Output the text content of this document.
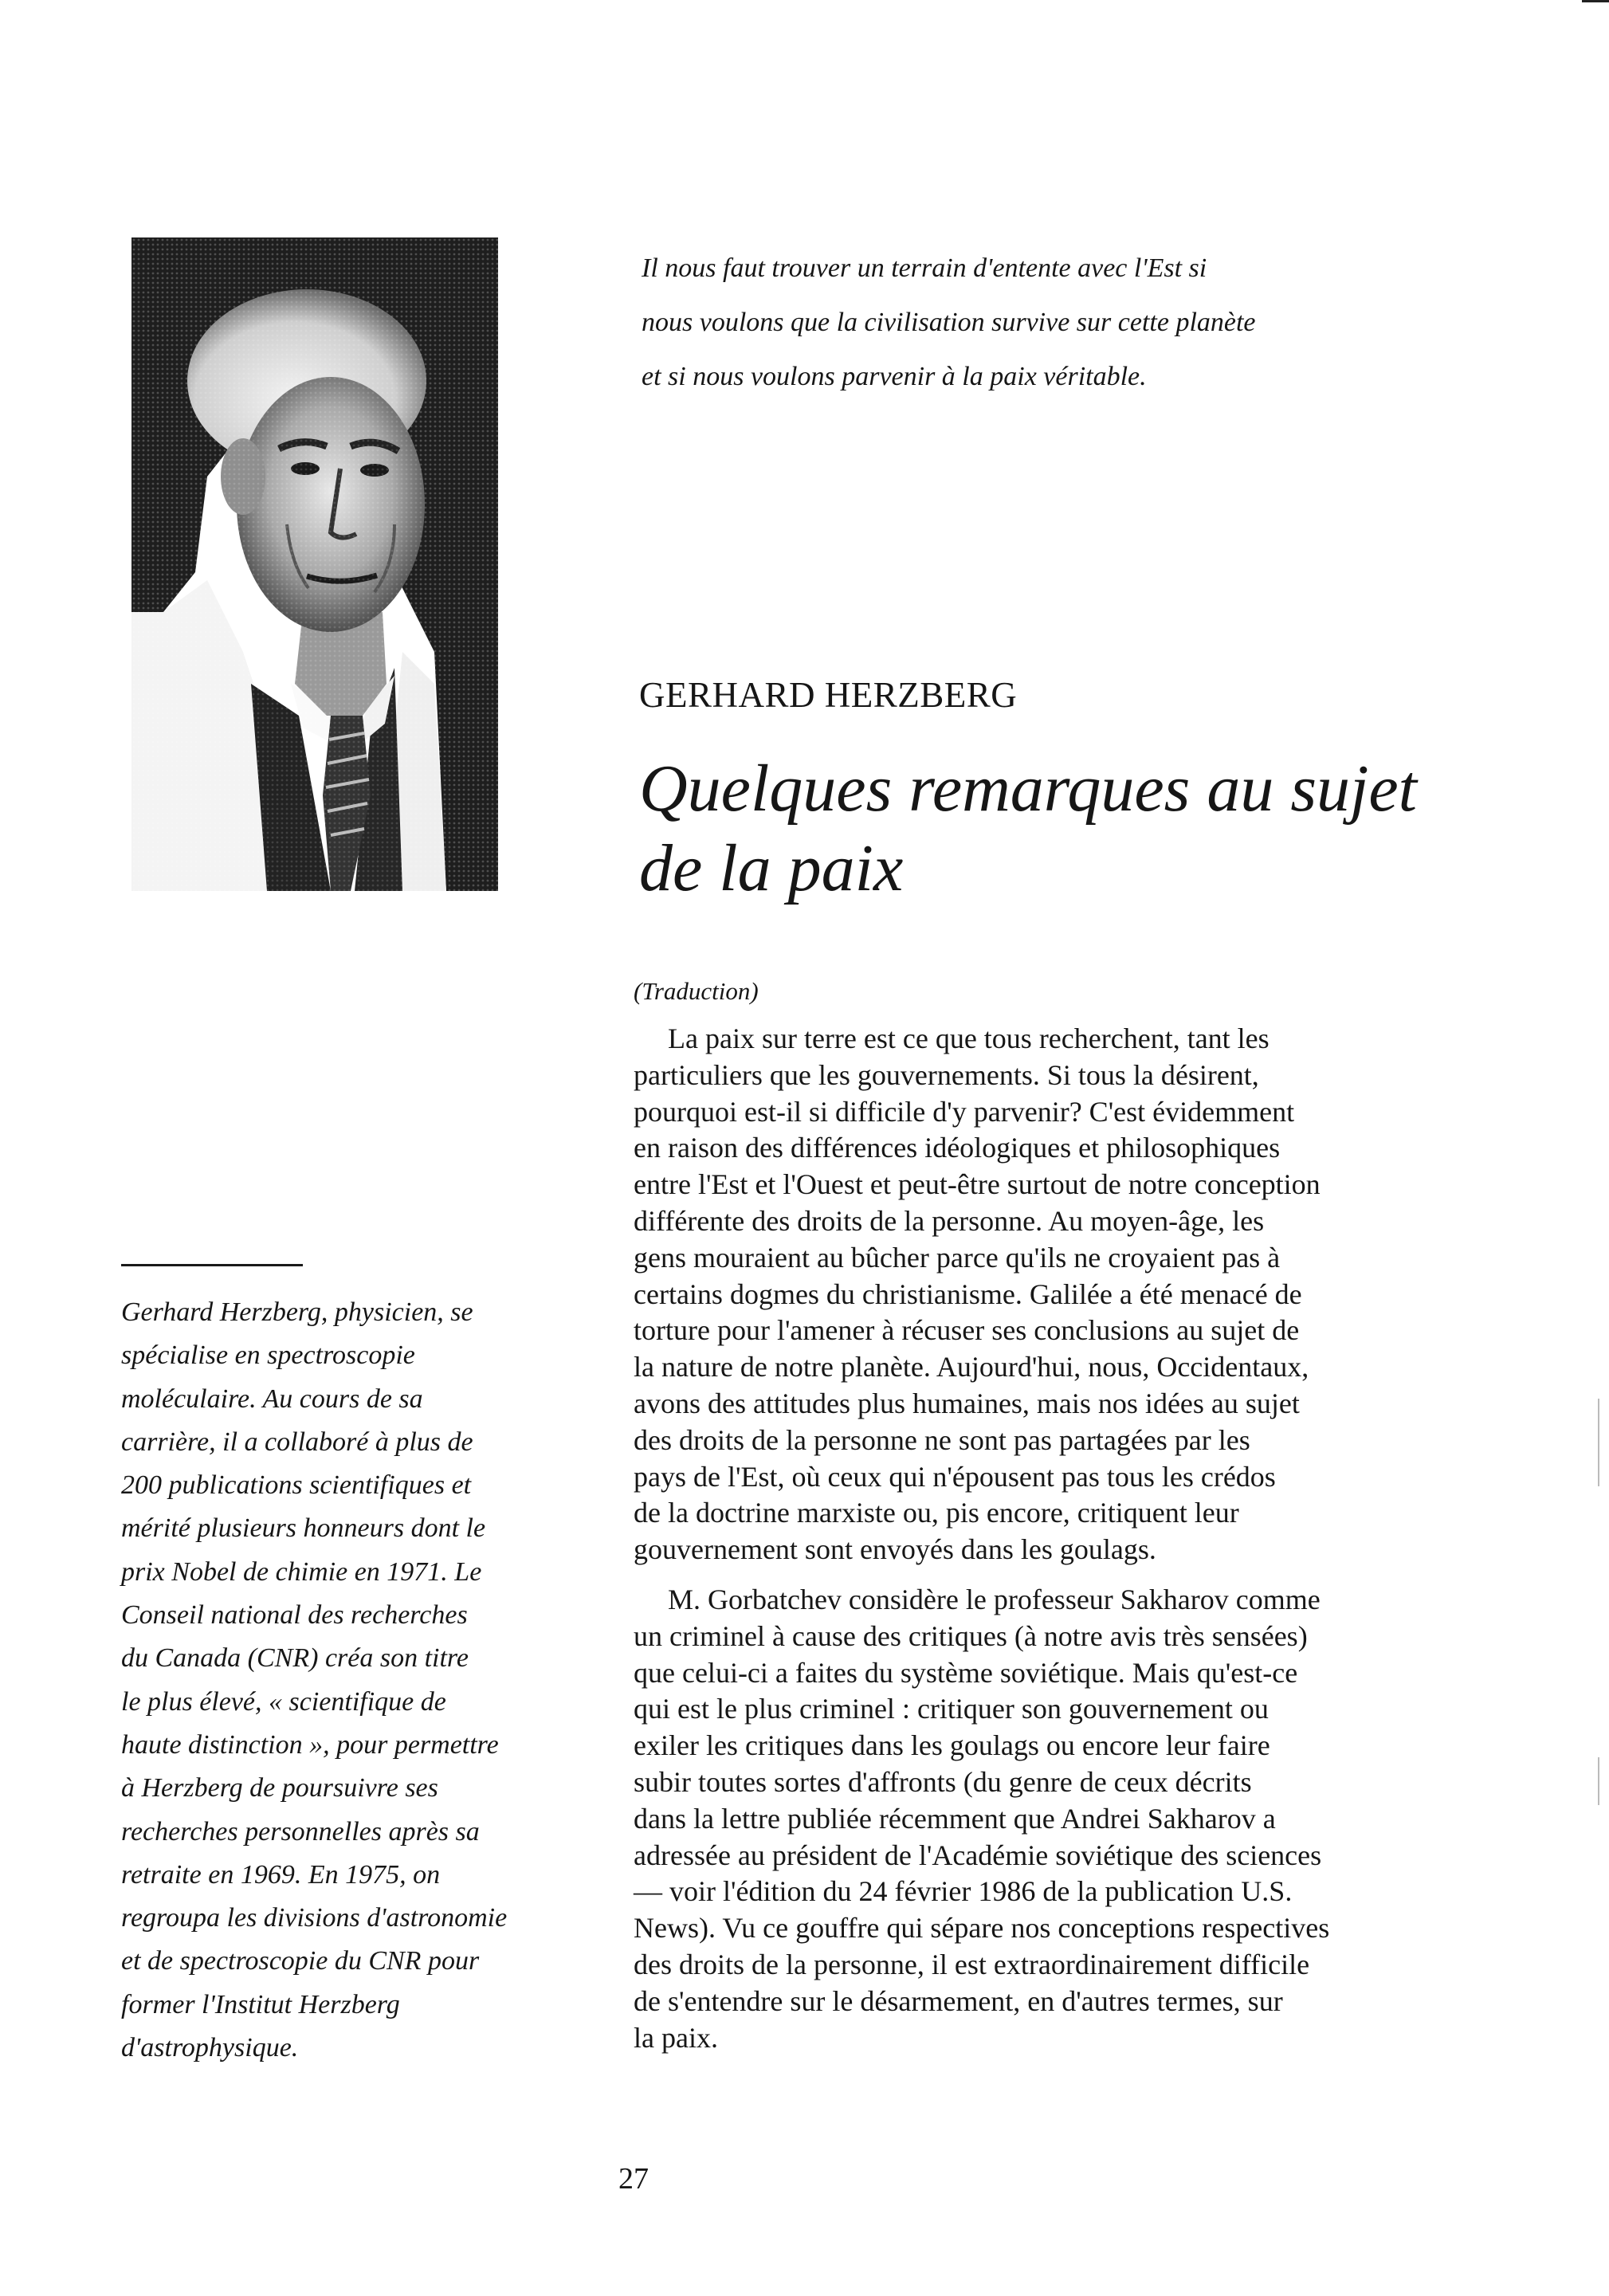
Il nous faut trouver un terrain d'entente avec l'Est si
nous voulons que la civilisation survive sur cette planète
et si nous voulons parvenir à la paix véritable.

GERHARD HERZBERG
Quelques remarques au sujet
de la paix

(Traduction)

La paix sur terre est ce que tous recherchent, tant les
particuliers que les gouvernements. Si tous la désirent,
pourquoi est-il si difficile d'y parvenir? C'est évidemment
en raison des différences idéologiques et philosophiques
entre l'Est et l'Ouest et peut-être surtout de notre conception
différente des droits de la personne. Au moyen-âge, les
gens mouraient au bûcher parce qu'ils ne croyaient pas à
certains dogmes du christianisme. Galilée a été menacé de
torture pour l'amener à récuser ses conclusions au sujet de
la nature de notre planète. Aujourd'hui, nous, Occidentaux,
avons des attitudes plus humaines, mais nos idées au sujet
des droits de la personne ne sont pas partagées par les
pays de l'Est, où ceux qui n'épousent pas tous les crédos
de la doctrine marxiste ou, pis encore, critiquent leur
gouvernement sont envoyés dans les goulags.

M. Gorbatchev considère le professeur Sakharov comme
un criminel à cause des critiques (à notre avis très sensées)
que celui-ci a faites du système soviétique. Mais qu'est-ce
qui est le plus criminel : critiquer son gouvernement ou
exiler les critiques dans les goulags ou encore leur faire
subir toutes sortes d'affronts (du genre de ceux décrits
dans la lettre publiée récemment que Andrei Sakharov a
adressée au président de l'Académie soviétique des sciences
— voir l'édition du 24 février 1986 de la publication U.S.
News). Vu ce gouffre qui sépare nos conceptions respectives
des droits de la personne, il est extraordinairement difficile
de s'entendre sur le désarmement, en d'autres termes, sur
la paix.

Gerhard Herzberg, physicien, se
spécialise en spectroscopie
moléculaire. Au cours de sa
carrière, il a collaboré à plus de
200 publications scientifiques et
mérité plusieurs honneurs dont le
prix Nobel de chimie en 1971. Le
Conseil national des recherches
du Canada (CNR) créa son titre
le plus élevé, « scientifique de
haute distinction », pour permettre
à Herzberg de poursuivre ses
recherches personnelles après sa
retraite en 1969. En 1975, on
regroupa les divisions d'astronomie
et de spectroscopie du CNR pour
former l'Institut Herzberg
d'astrophysique.

27
